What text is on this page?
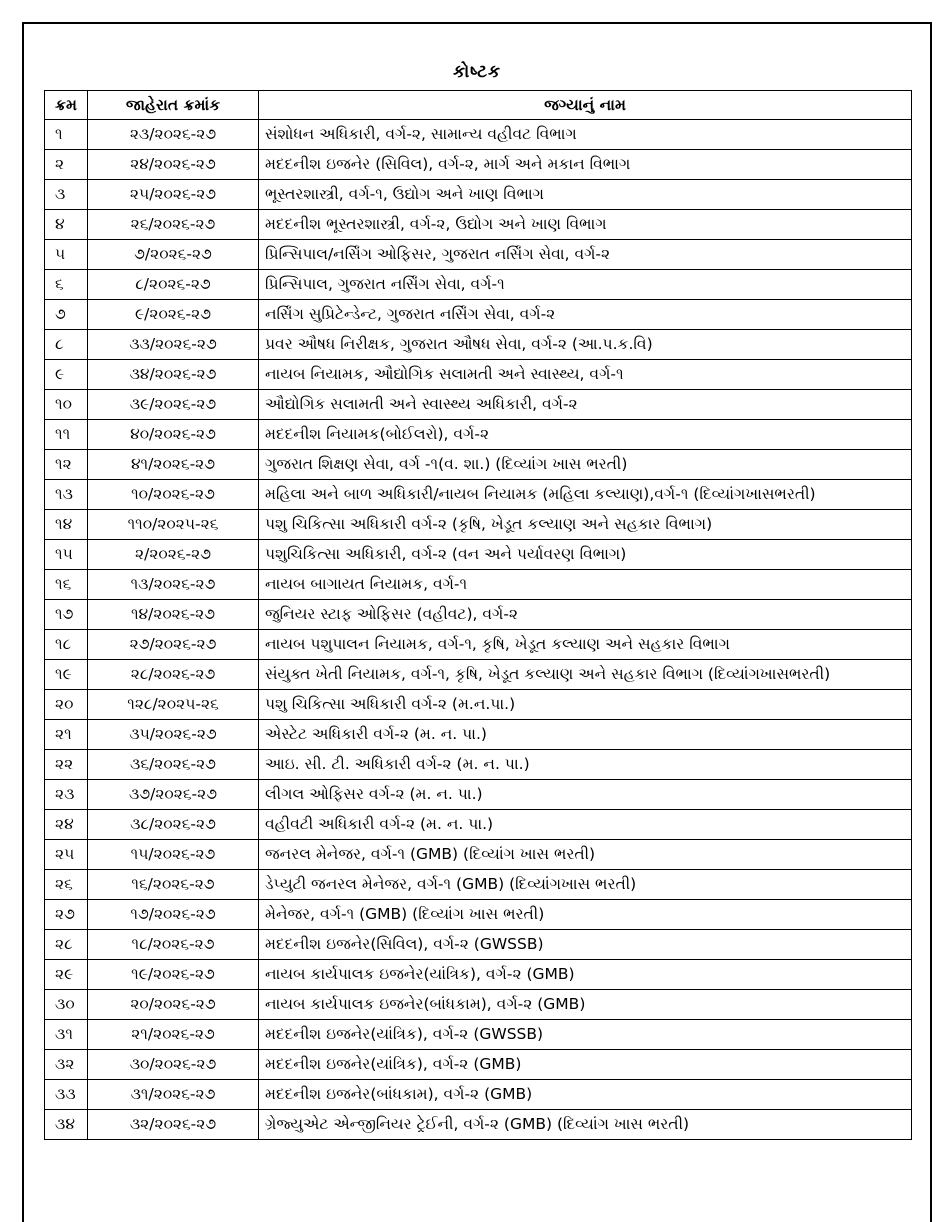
કોષ્ટક
ક્રમ	જાહેરાત ક્રમાંક	જગ્યાનું નામ
૧	૨૩/૨૦૨૬-૨૭	સંશોધન અધિકારી, વર્ગ-૨, સામાન્ય વહીવટ વિભાગ
૨	૨૪/૨૦૨૬-૨૭	મદદનીશ ઇજનેર (સિવિલ), વર્ગ-૨, માર્ગ અને મકાન વિભાગ
૩	૨૫/૨૦૨૬-૨૭	ભૂસ્તરશાસ્ત્રી, વર્ગ-૧, ઉદ્યોગ અને ખાણ વિભાગ
૪	૨૬/૨૦૨૬-૨૭	મદદનીશ ભૂસ્તરશાસ્ત્રી, વર્ગ-૨, ઉદ્યોગ અને ખાણ વિભાગ
૫	૭/૨૦૨૬-૨૭	પ્રિન્સિપાલ/નર્સિંગ ઓફિસર, ગુજરાત નર્સિંગ સેવા, વર્ગ-૨
૬	૮/૨૦૨૬-૨૭	પ્રિન્સિપાલ, ગુજરાત નર્સિંગ સેવા, વર્ગ-૧
૭	૯/૨૦૨૬-૨૭	નર્સિંગ સુપ્રિટેન્ડેન્ટ, ગુજરાત નર્સિંગ સેવા, વર્ગ-૨
૮	૩૩/૨૦૨૬-૨૭	પ્રવર ઔષધ નિરીક્ષક, ગુજરાત ઔષધ સેવા, વર્ગ-૨ (આ.પ.ક.વિ)
૯	૩૪/૨૦૨૬-૨૭	નાયબ નિયામક, ઔદ્યોગિક સલામતી અને સ્વાસ્થ્ય, વર્ગ-૧
૧૦	૩૯/૨૦૨૬-૨૭	ઔદ્યોગિક સલામતી અને સ્વાસ્થ્ય અધિકારી, વર્ગ-૨
૧૧	૪૦/૨૦૨૬-૨૭	મદદનીશ નિયામક(બોઈલરો), વર્ગ-૨
૧૨	૪૧/૨૦૨૬-૨૭	ગુજરાત શિક્ષણ સેવા, વર્ગ -૧(વ. શા.) (દિવ્યાંગ ખાસ ભરતી)
૧૩	૧૦/૨૦૨૬-૨૭	મહિલા અને બાળ અધિકારી/નાયબ નિયામક (મહિલા કલ્યાણ),વર્ગ-૧ (દિવ્યાંગખાસભરતી)
૧૪	૧૧૦/૨૦૨૫-૨૬	પશુ ચિકિત્સા અધિકારી વર્ગ-૨ (કૃષિ, ખેડૂત કલ્યાણ અને સહકાર વિભાગ)
૧૫	૨/૨૦૨૬-૨૭	પશુચિકિત્સા અધિકારી, વર્ગ-૨ (વન અને પર્યાવરણ વિભાગ)
૧૬	૧૩/૨૦૨૬-૨૭	નાયબ બાગાયત નિયામક, વર્ગ-૧
૧૭	૧૪/૨૦૨૬-૨૭	જુનિયર સ્ટાફ ઓફિસર (વહીવટ), વર્ગ-૨
૧૮	૨૭/૨૦૨૬-૨૭	નાયબ પશુપાલન નિયામક, વર્ગ-૧, કૃષિ, ખેડૂત કલ્યાણ અને સહકાર વિભાગ
૧૯	૨૮/૨૦૨૬-૨૭	સંયુક્ત ખેતી નિયામક, વર્ગ-૧, કૃષિ, ખેડૂત કલ્યાણ અને સહકાર વિભાગ (દિવ્યાંગખાસભરતી)
૨૦	૧૨૮/૨૦૨૫-૨૬	પશુ ચિકિત્સા અધિકારી વર્ગ-૨ (મ.ન.પા.)
૨૧	૩૫/૨૦૨૬-૨૭	એસ્ટેટ અધિકારી વર્ગ-૨ (મ. ન. પા.)
૨૨	૩૬/૨૦૨૬-૨૭	આઇ. સી. ટી. અધિકારી વર્ગ-૨ (મ. ન. પા.)
૨૩	૩૭/૨૦૨૬-૨૭	લીગલ ઓફિસર વર્ગ-૨ (મ. ન. પા.)
૨૪	૩૮/૨૦૨૬-૨૭	વહીવટી અધિકારી વર્ગ-૨ (મ. ન. પા.)
૨૫	૧૫/૨૦૨૬-૨૭	જનરલ મેનેજર, વર્ગ-૧ (GMB) (દિવ્યાંગ ખાસ ભરતી)
૨૬	૧૬/૨૦૨૬-૨૭	ડેપ્યુટી જનરલ મેનેજર, વર્ગ-૧ (GMB) (દિવ્યાંગખાસ ભરતી)
૨૭	૧૭/૨૦૨૬-૨૭	મેનેજર, વર્ગ-૧ (GMB) (દિવ્યાંગ ખાસ ભરતી)
૨૮	૧૮/૨૦૨૬-૨૭	મદદનીશ ઇજનેર(સિવિલ), વર્ગ-૨ (GWSSB)
૨૯	૧૯/૨૦૨૬-૨૭	નાયબ કાર્યપાલક ઇજનેર(યાંત્રિક), વર્ગ-૨ (GMB)
૩૦	૨૦/૨૦૨૬-૨૭	નાયબ કાર્યપાલક ઇજનેર(બાંધકામ), વર્ગ-૨ (GMB)
૩૧	૨૧/૨૦૨૬-૨૭	મદદનીશ ઇજનેર(યાંત્રિક), વર્ગ-૨ (GWSSB)
૩૨	૩૦/૨૦૨૬-૨૭	મદદનીશ ઇજનેર(યાંત્રિક), વર્ગ-૨ (GMB)
૩૩	૩૧/૨૦૨૬-૨૭	મદદનીશ ઇજનેર(બાંધકામ), વર્ગ-૨ (GMB)
૩૪	૩૨/૨૦૨૬-૨૭	ગ્રેજ્યુએટ એન્જીનિયર ટ્રેઈની, વર્ગ-૨ (GMB) (દિવ્યાંગ ખાસ ભરતી)
